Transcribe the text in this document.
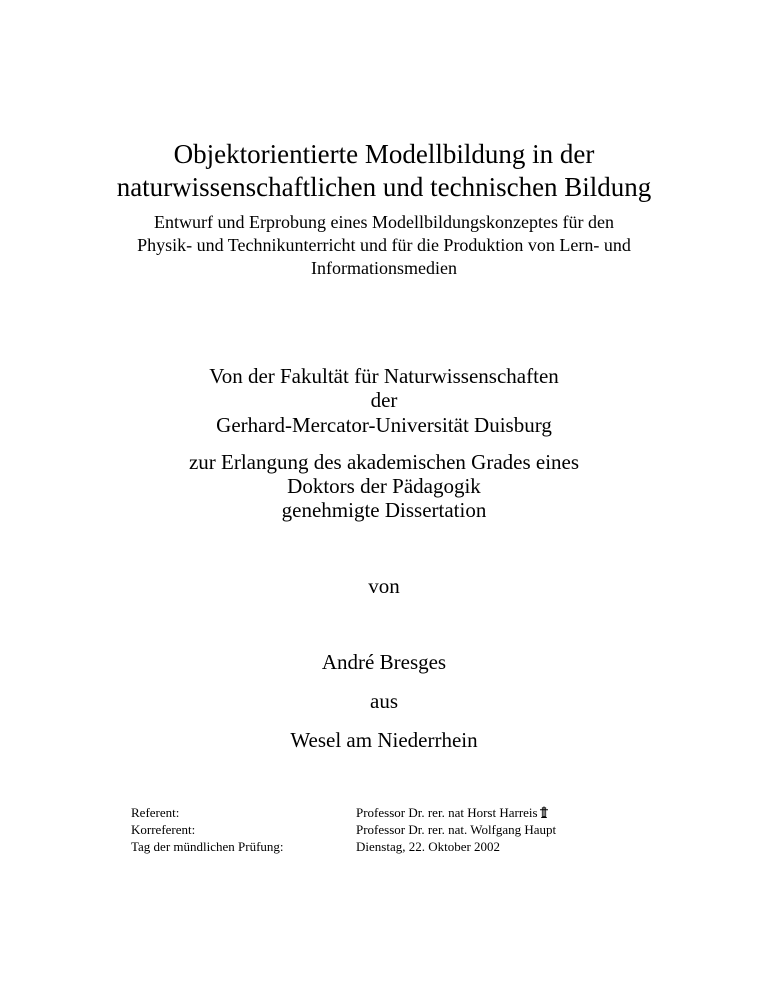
Objektorientierte Modellbildung in der
naturwissenschaftlichen und technischen Bildung
Entwurf und Erprobung eines Modellbildungskonzeptes für den
Physik- und Technikunterricht und für die Produktion von Lern- und
Informationsmedien
Von der Fakultät für Naturwissenschaften
der
Gerhard-Mercator-Universität Duisburg
zur Erlangung des akademischen Grades eines
Doktors der Pädagogik
genehmigte Dissertation
von
André Bresges
aus
Wesel am Niederrhein
Referent:	Professor Dr. rer. nat Horst Harreis
Korreferent:	Professor Dr. rer. nat. Wolfgang Haupt
Tag der mündlichen Prüfung:	Dienstag, 22. Oktober 2002
